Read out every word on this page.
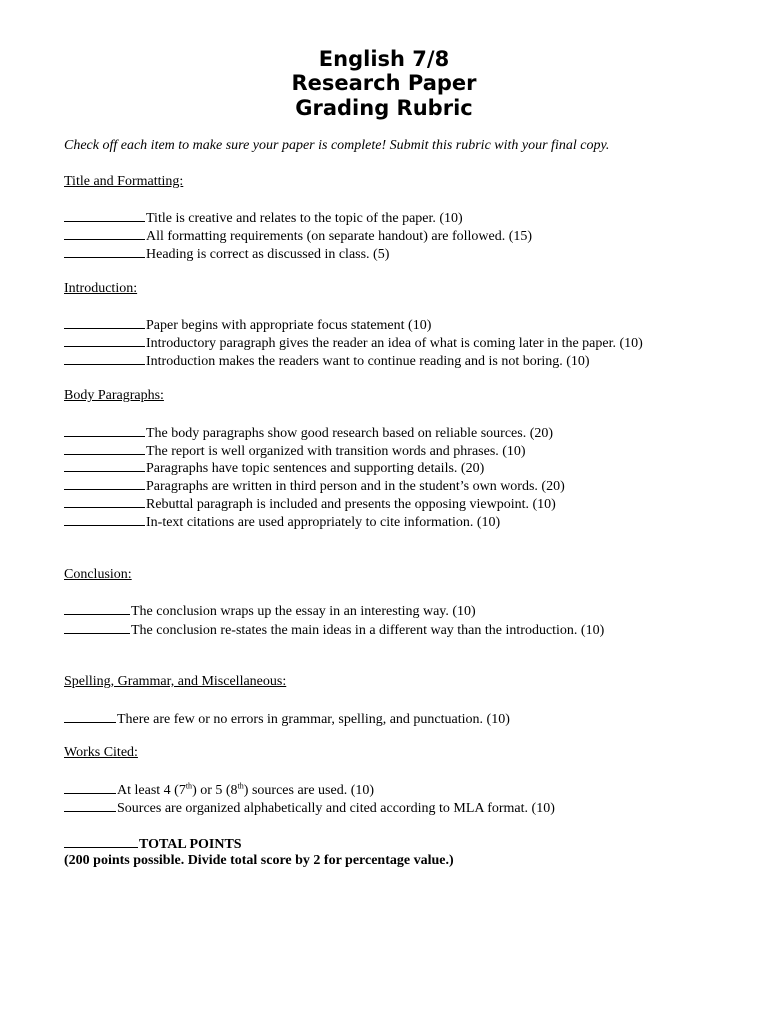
English 7/8
Research Paper
Grading Rubric
Check off each item to make sure your paper is complete! Submit this rubric with your final copy.
Title and Formatting:
Title is creative and relates to the topic of the paper. (10)
All formatting requirements (on separate handout) are followed. (15)
Heading is correct as discussed in class. (5)
Introduction:
Paper begins with appropriate focus statement (10)
Introductory paragraph gives the reader an idea of what is coming later in the paper. (10)
Introduction makes the readers want to continue reading and is not boring. (10)
Body Paragraphs:
The body paragraphs show good research based on reliable sources. (20)
The report is well organized with transition words and phrases. (10)
Paragraphs have topic sentences and supporting details. (20)
Paragraphs are written in third person and in the student’s own words. (20)
Rebuttal paragraph is included and presents the opposing viewpoint. (10)
In-text citations are used appropriately to cite information. (10)
Conclusion:
The conclusion wraps up the essay in an interesting way. (10)
The conclusion re-states the main ideas in a different way than the introduction. (10)
Spelling, Grammar, and Miscellaneous:
There are few or no errors in grammar, spelling, and punctuation. (10)
Works Cited:
At least 4 (7th) or 5 (8th) sources are used. (10)
Sources are organized alphabetically and cited according to MLA format. (10)
TOTAL POINTS
(200 points possible. Divide total score by 2 for percentage value.)
